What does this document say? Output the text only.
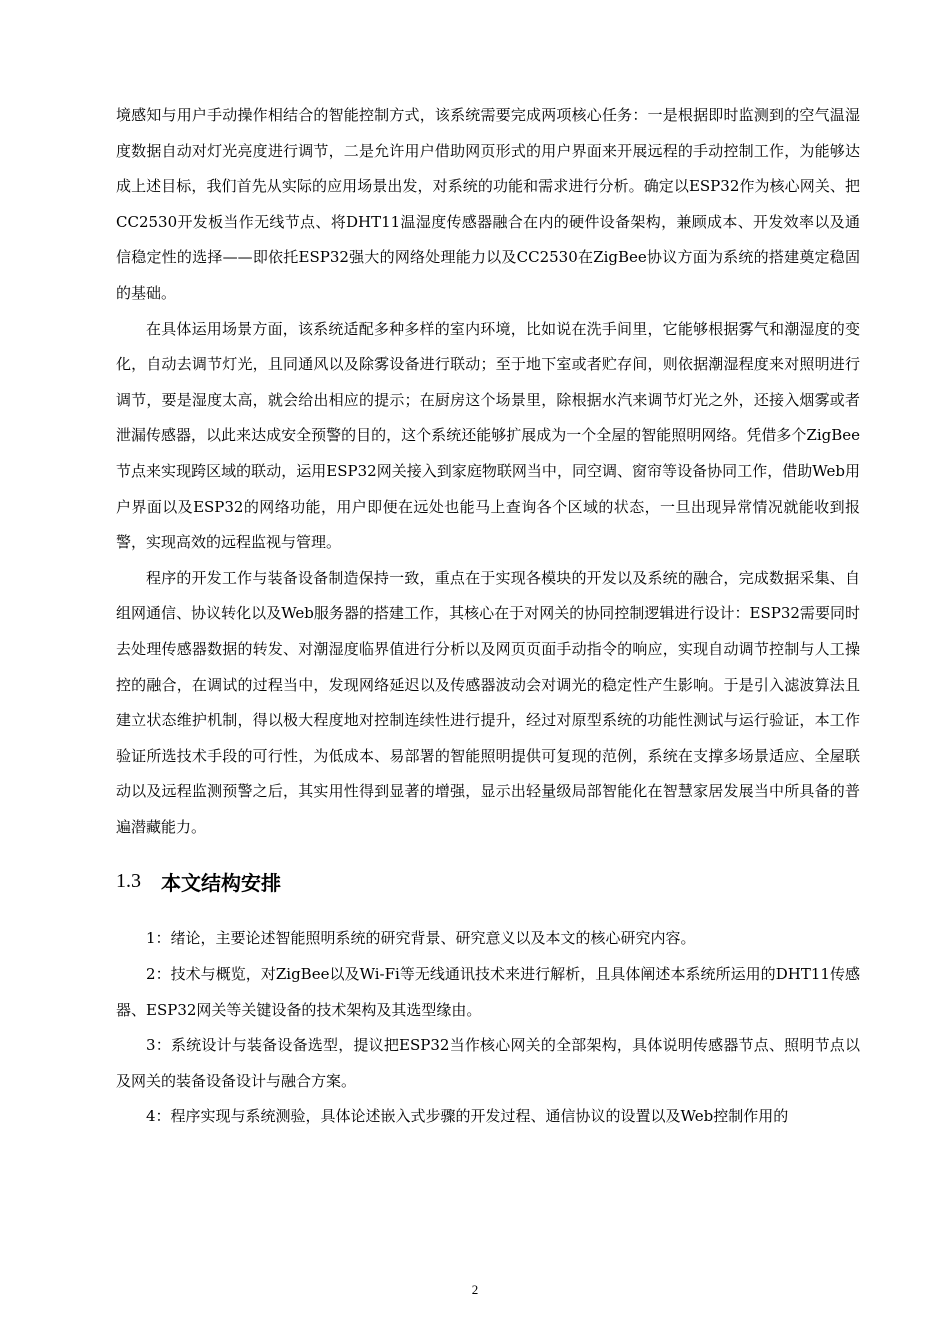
境感知与用户手动操作相结合的智能控制方式，该系统需要完成两项核心任务：一是根据即时监测到的空气温湿度数据自动对灯光亮度进行调节，二是允许用户借助网页形式的用户界面来开展远程的手动控制工作，为能够达成上述目标，我们首先从实际的应用场景出发，对系统的功能和需求进行分析。确定以ESP32作为核心网关、把CC2530开发板当作无线节点、将DHT11温湿度传感器融合在内的硬件设备架构，兼顾成本、开发效率以及通信稳定性的选择——即依托ESP32强大的网络处理能力以及CC2530在ZigBee协议方面为系统的搭建奠定稳固的基础。

在具体运用场景方面，该系统适配多种多样的室内环境，比如说在洗手间里，它能够根据雾气和潮湿度的变化，自动去调节灯光，且同通风以及除雾设备进行联动；至于地下室或者贮存间，则依据潮湿程度来对照明进行调节，要是湿度太高，就会给出相应的提示；在厨房这个场景里，除根据水汽来调节灯光之外，还接入烟雾或者泄漏传感器，以此来达成安全预警的目的，这个系统还能够扩展成为一个全屋的智能照明网络。凭借多个ZigBee节点来实现跨区域的联动，运用ESP32网关接入到家庭物联网当中，同空调、窗帘等设备协同工作，借助Web用户界面以及ESP32的网络功能，用户即便在远处也能马上查询各个区域的状态，一旦出现异常情况就能收到报警，实现高效的远程监视与管理。

程序的开发工作与装备设备制造保持一致，重点在于实现各模块的开发以及系统的融合，完成数据采集、自组网通信、协议转化以及Web服务器的搭建工作，其核心在于对网关的协同控制逻辑进行设计：ESP32需要同时去处理传感器数据的转发、对潮湿度临界值进行分析以及网页页面手动指令的响应，实现自动调节控制与人工操控的融合，在调试的过程当中，发现网络延迟以及传感器波动会对调光的稳定性产生影响。于是引入滤波算法且建立状态维护机制，得以极大程度地对控制连续性进行提升，经过对原型系统的功能性测试与运行验证，本工作验证所选技术手段的可行性，为低成本、易部署的智能照明提供可复现的范例，系统在支撑多场景适应、全屋联动以及远程监测预警之后，其实用性得到显著的增强，显示出轻量级局部智能化在智慧家居发展当中所具备的普遍潜藏能力。

1.3 本文结构安排

1：绪论，主要论述智能照明系统的研究背景、研究意义以及本文的核心研究内容。

2：技术与概览，对ZigBee以及Wi-Fi等无线通讯技术来进行解析，且具体阐述本系统所运用的DHT11传感器、ESP32网关等关键设备的技术架构及其选型缘由。

3：系统设计与装备设备选型，提议把ESP32当作核心网关的全部架构，具体说明传感器节点、照明节点以及网关的装备设备设计与融合方案。

4：程序实现与系统测验，具体论述嵌入式步骤的开发过程、通信协议的设置以及Web控制作用的

2
